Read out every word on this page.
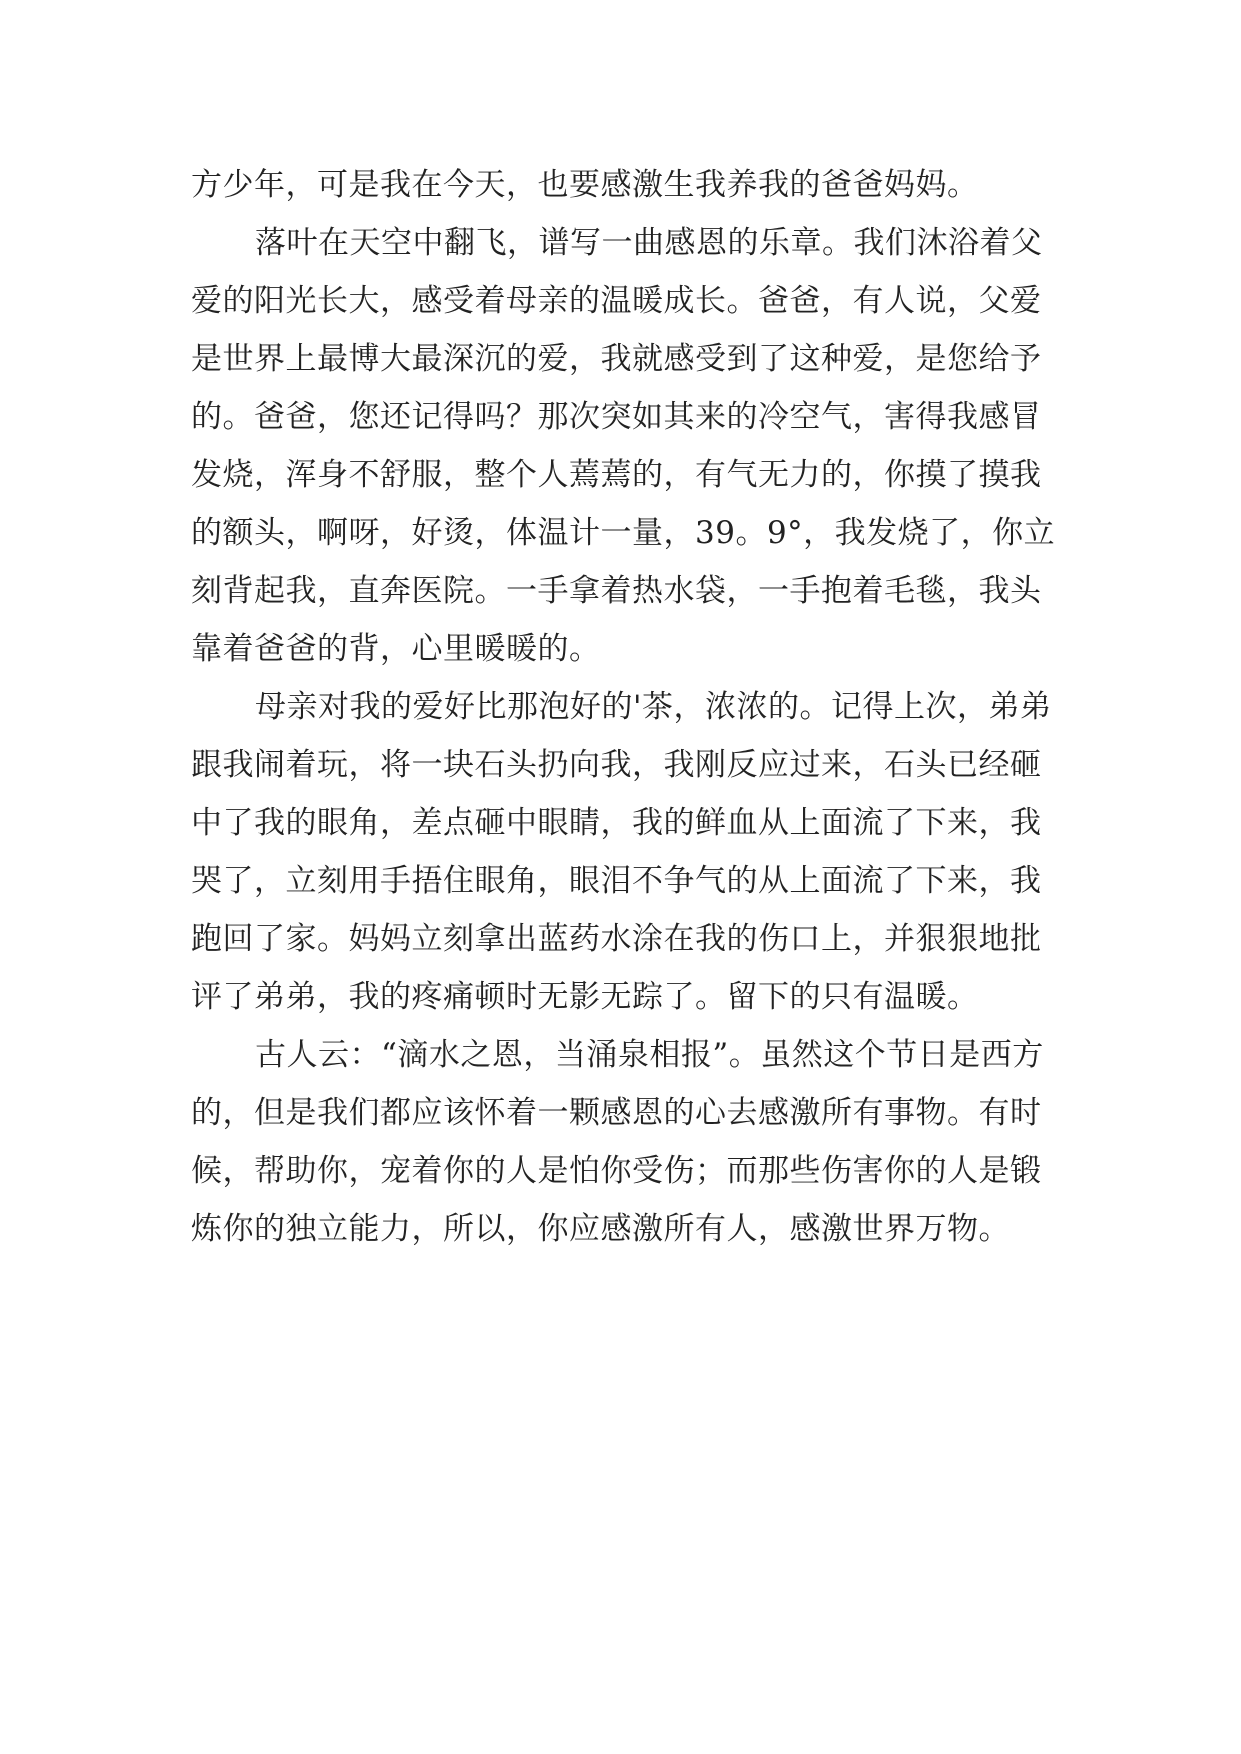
方少年，可是我在今天，也要感激生我养我的爸爸妈妈。

落叶在天空中翻飞，谱写一曲感恩的乐章。我们沐浴着父爱的阳光长大，感受着母亲的温暖成长。爸爸，有人说，父爱是世界上最博大最深沉的爱，我就感受到了这种爱，是您给予的。爸爸，您还记得吗？那次突如其来的冷空气，害得我感冒发烧，浑身不舒服，整个人蔫蔫的，有气无力的，你摸了摸我的额头，啊呀，好烫，体温计一量，39。9°，我发烧了，你立刻背起我，直奔医院。一手拿着热水袋，一手抱着毛毯，我头靠着爸爸的背，心里暖暖的。

母亲对我的爱好比那泡好的'茶，浓浓的。记得上次，弟弟跟我闹着玩，将一块石头扔向我，我刚反应过来，石头已经砸中了我的眼角，差点砸中眼睛，我的鲜血从上面流了下来，我哭了，立刻用手捂住眼角，眼泪不争气的从上面流了下来，我跑回了家。妈妈立刻拿出蓝药水涂在我的伤口上，并狠狠地批评了弟弟，我的疼痛顿时无影无踪了。留下的只有温暖。

古人云：“滴水之恩，当涌泉相报”。虽然这个节日是西方的，但是我们都应该怀着一颗感恩的心去感激所有事物。有时候，帮助你，宠着你的人是怕你受伤；而那些伤害你的人是锻炼你的独立能力，所以，你应感激所有人，感激世界万物。
